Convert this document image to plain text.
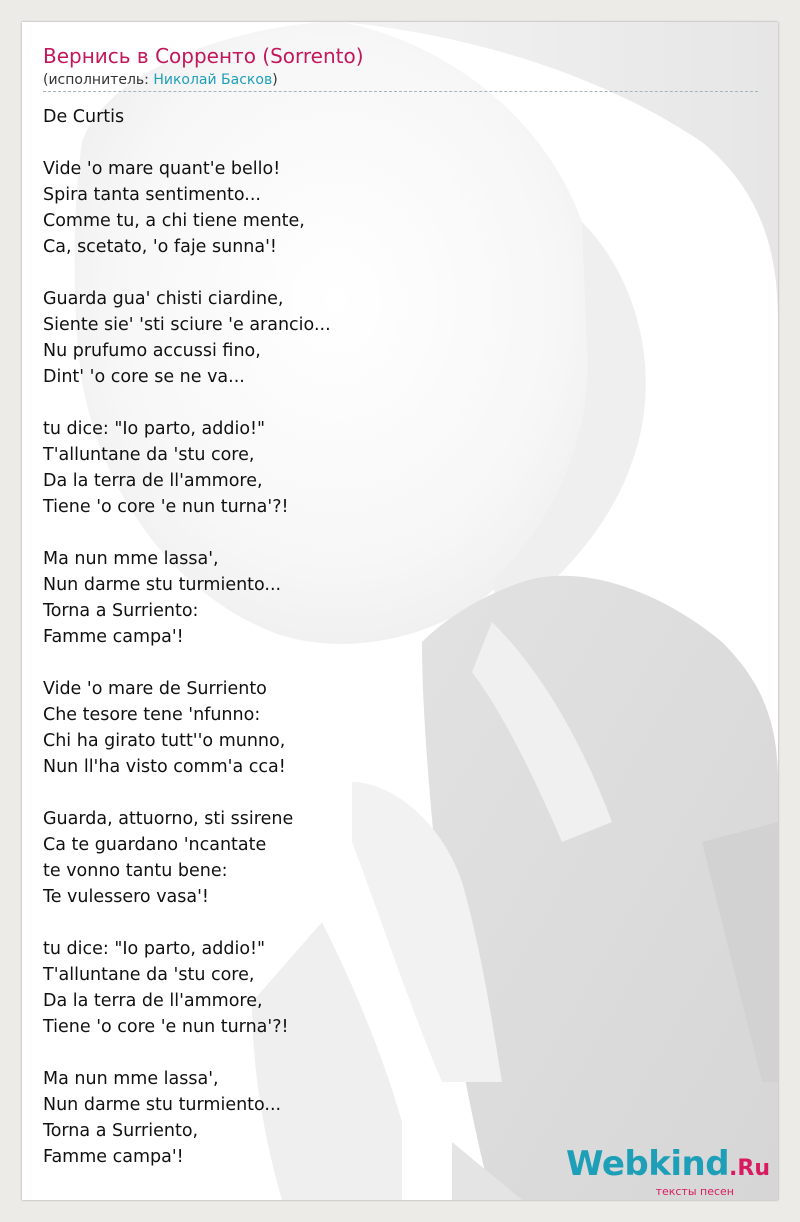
Вернись в Сорренто (Sorrento)
(исполнитель: Николай Басков)
De Curtis
Vide 'o mare quant'e bello!
Spira tanta sentimento...
Comme tu, a chi tiene mente,
Ca, scetato, 'o faje sunna'!
Guarda gua' chisti ciardine,
Siente sie' 'sti sciure 'e arancio...
Nu prufumo accussi fino,
Dint' 'o core se ne va...
tu dice: "Io parto, addio!"
T'alluntane da 'stu core,
Da la terra de ll'ammore,
Tiene 'o core 'e nun turna'?!
Ma nun mme lassa',
Nun darme stu turmiento...
Torna a Surriento:
Famme campa'!
Vide 'o mare de Surriento
Che tesore tene 'nfunno:
Chi ha girato tutt''o munno,
Nun ll'ha visto comm'a cca!
Guarda, attuorno, sti ssirene
Ca te guardano 'ncantate
te vonno tantu bene:
Te vulessero vasa'!
tu dice: "Io parto, addio!"
T'alluntane da 'stu core,
Da la terra de ll'ammore,
Tiene 'o core 'e nun turna'?!
Ma nun mme lassa',
Nun darme stu turmiento...
Torna a Surriento,
Famme campa'!	Webkind.Ru
тексты песен
